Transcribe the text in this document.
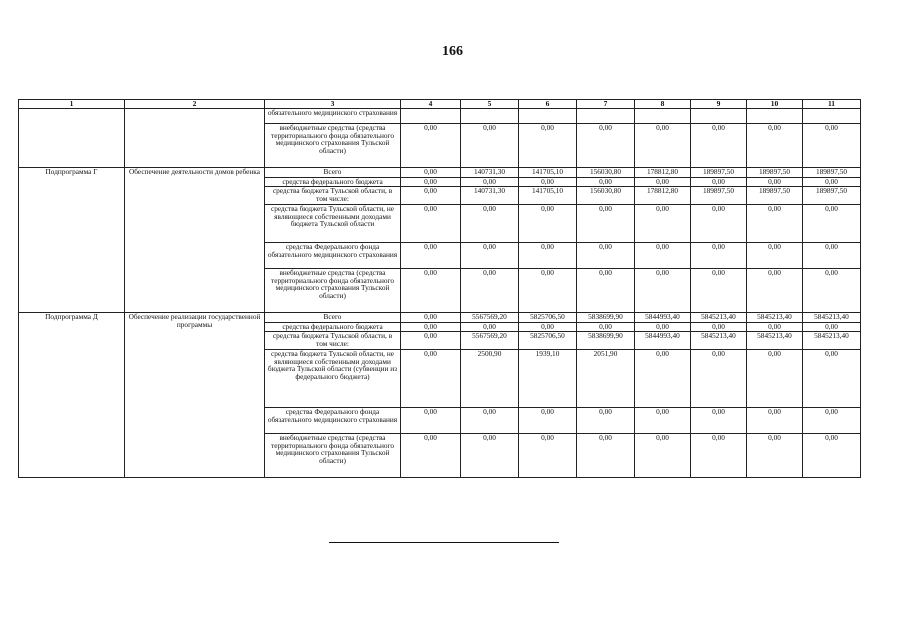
166
1	2	3	4	5	6	7	8	9	10	11
		обязательного медицинского страхования								
		внебюджетные средства (средства территориального фонда обязательного медицинского страхования Тульской области)	0,00	0,00	0,00	0,00	0,00	0,00	0,00	0,00
Подпрограмма Г	Обеспечение деятельности домов ребенка	Всего	0,00	140731,30	141705,10	156030,80	178812,80	189897,50	189897,50	189897,50
		средства федерального бюджета	0,00	0,00	0,00	0,00	0,00	0,00	0,00	0,00
		средства бюджета Тульской области, в том числе:	0,00	140731,30	141705,10	156030,80	178812,80	189897,50	189897,50	189897,50
		средства бюджета Тульской области, не являющиеся собственными доходами бюджета Тульской области	0,00	0,00	0,00	0,00	0,00	0,00	0,00	0,00
		средства Федерального фонда обязательного медицинского страхования	0,00	0,00	0,00	0,00	0,00	0,00	0,00	0,00
		внебюджетные средства (средства территориального фонда обязательного медицинского страхования Тульской области)	0,00	0,00	0,00	0,00	0,00	0,00	0,00	0,00
Подпрограмма Д	Обеспечение реализации государственной программы	Всего	0,00	5567569,20	5825706,50	5838699,90	5844993,40	5845213,40	5845213,40	5845213,40
		средства федерального бюджета	0,00	0,00	0,00	0,00	0,00	0,00	0,00	0,00
		средства бюджета Тульской области, в том числе:	0,00	5567569,20	5825706,50	5838699,90	5844993,40	5845213,40	5845213,40	5845213,40
		средства бюджета Тульской области, не являющиеся собственными доходами бюджета Тульской области (субвенции из федерального бюджета)	0,00	2500,90	1939,10	2051,90	0,00	0,00	0,00	0,00
		средства Федерального фонда обязательного медицинского страхования	0,00	0,00	0,00	0,00	0,00	0,00	0,00	0,00
		внебюджетные средства (средства территориального фонда обязательного медицинского страхования Тульской области)	0,00	0,00	0,00	0,00	0,00	0,00	0,00	0,00
